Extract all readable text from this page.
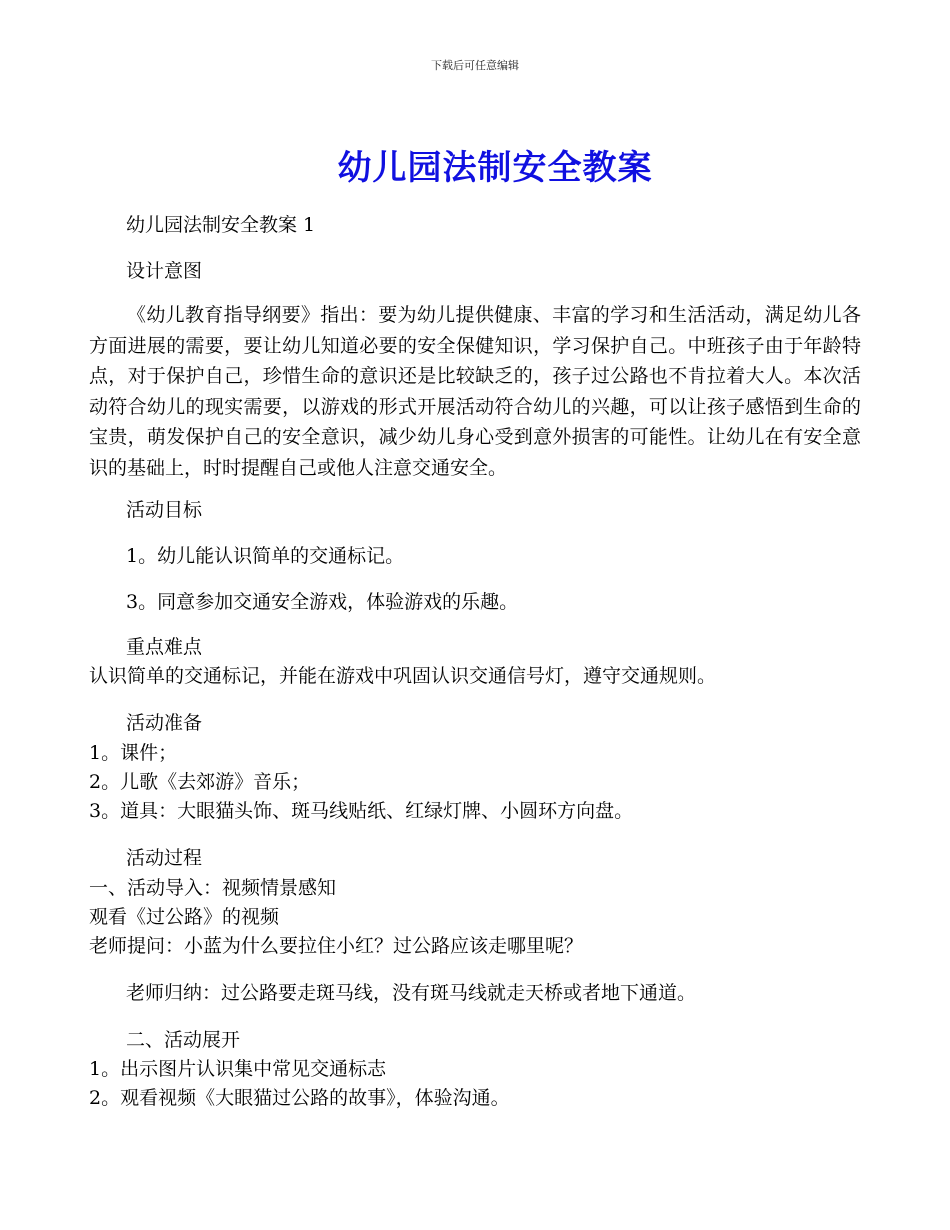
下载后可任意编辑
幼儿园法制安全教案
幼儿园法制安全教案 1
设计意图
《幼儿教育指导纲要》指出：要为幼儿提供健康、丰富的学习和生活活动，满足幼儿各方面进展的需要，要让幼儿知道必要的安全保健知识，学习保护自己。中班孩子由于年龄特点，对于保护自己，珍惜生命的意识还是比较缺乏的，孩子过公路也不肯拉着大人。本次活动符合幼儿的现实需要，以游戏的形式开展活动符合幼儿的兴趣，可以让孩子感悟到生命的宝贵，萌发保护自己的安全意识，减少幼儿身心受到意外损害的可能性。让幼儿在有安全意识的基础上，时时提醒自己或他人注意交通安全。
活动目标
1。幼儿能认识简单的交通标记。
3。同意参加交通安全游戏，体验游戏的乐趣。
重点难点
认识简单的交通标记，并能在游戏中巩固认识交通信号灯，遵守交通规则。
活动准备
1。课件；
2。儿歌《去郊游》音乐；
3。道具：大眼猫头饰、斑马线贴纸、红绿灯牌、小圆环方向盘。
活动过程
一、活动导入：视频情景感知
观看《过公路》的视频
老师提问：小蓝为什么要拉住小红？过公路应该走哪里呢？
老师归纳：过公路要走斑马线，没有斑马线就走天桥或者地下通道。
二、活动展开
1。出示图片认识集中常见交通标志
2。观看视频《大眼猫过公路的故事》，体验沟通。
